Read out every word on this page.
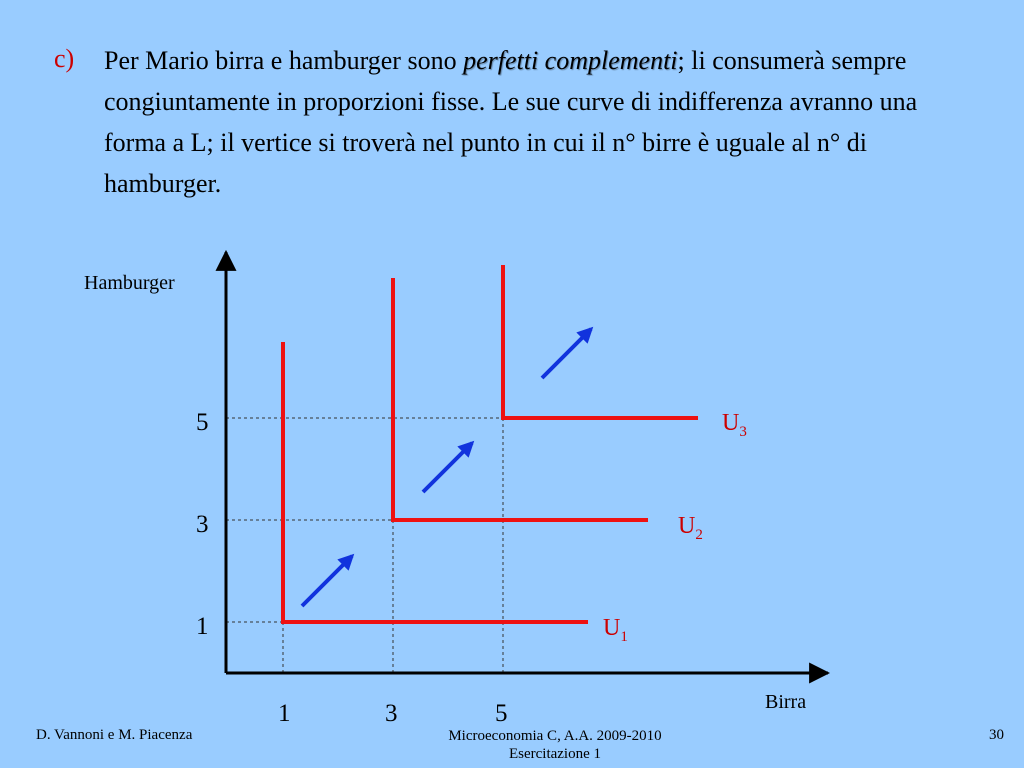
c) Per Mario birra e hamburger sono perfetti complementi; li consumerà sempre congiuntamente in proporzioni fisse. Le sue curve di indifferenza avranno una forma a L; il vertice si troverà nel punto in cui il n° birre è uguale al n° di hamburger.
Hamburger
Birra
1
3
5
1	3	5
$U_1$
$U_2$
$U_3$
D. Vannoni e M. Piacenza	Microeconomia C, A.A. 2009-2010
Esercitazione 1
30
